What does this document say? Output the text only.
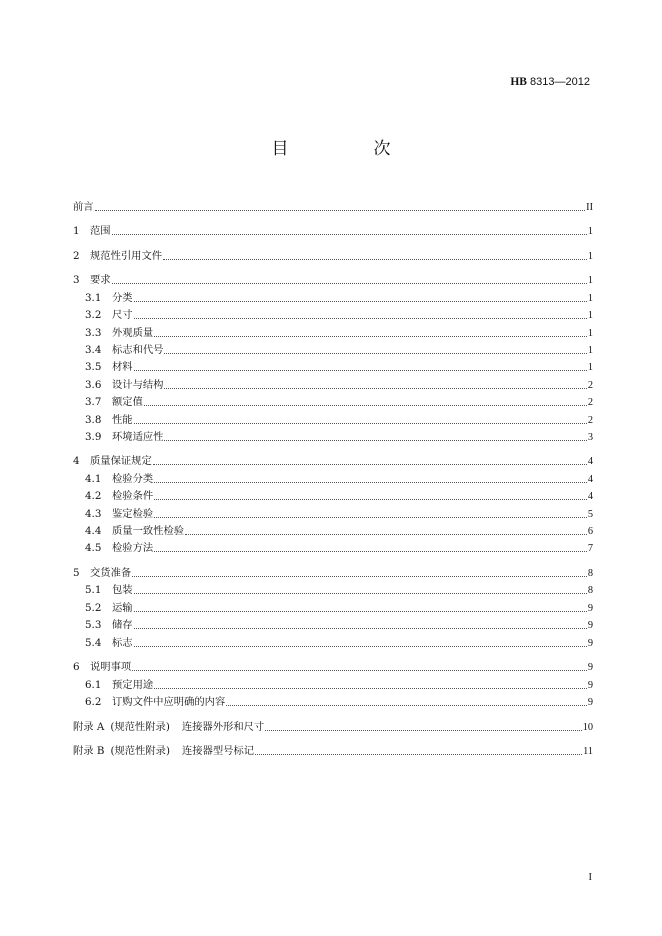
HB 8313—2012
目　次
前言	II
1 范围	1
2 规范性引用文件	1
3 要求	1
3.1 分类	1
3.2 尺寸	1
3.3 外观质量	1
3.4 标志和代号	1
3.5 材料	1
3.6 设计与结构	2
3.7 额定值	2
3.8 性能	2
3.9 环境适应性	3
4 质量保证规定	4
4.1 检验分类	4
4.2 检验条件	4
4.3 鉴定检验	5
4.4 质量一致性检验	6
4.5 检验方法	7
5 交货准备	8
5.1 包装	8
5.2 运输	9
5.3 储存	9
5.4 标志	9
6 说明事项	9
6.1 预定用途	9
6.2 订购文件中应明确的内容	9
附录 A (规范性附录) 连接器外形和尺寸	10
附录 B (规范性附录) 连接器型号标记	11
I
